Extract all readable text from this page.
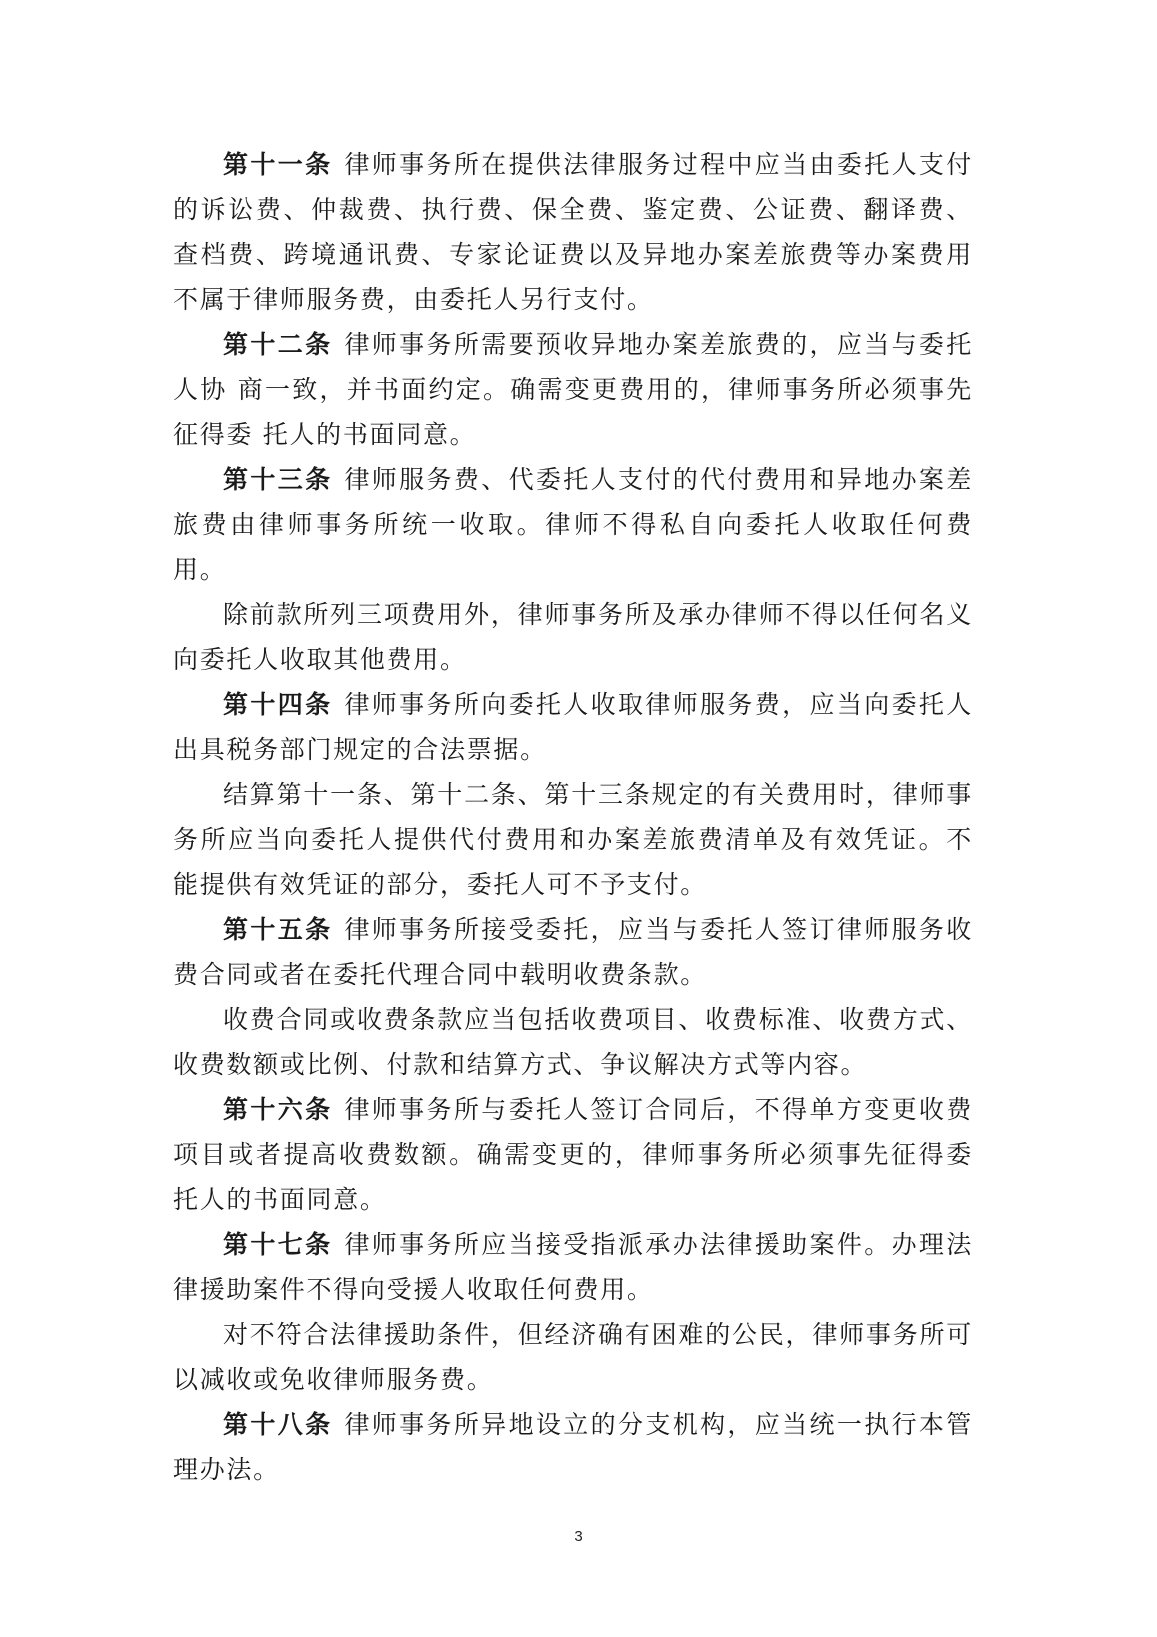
第十一条 律师事务所在提供法律服务过程中应当由委托人支付的诉讼费、仲裁费、执行费、保全费、鉴定费、公证费、翻译费、查档费、跨境通讯费、专家论证费以及异地办案差旅费等办案费用不属于律师服务费，由委托人另行支付。

第十二条 律师事务所需要预收异地办案差旅费的，应当与委托人协 商一致，并书面约定。确需变更费用的，律师事务所必须事先征得委 托人的书面同意。

第十三条 律师服务费、代委托人支付的代付费用和异地办案差旅费由律师事务所统一收取。律师不得私自向委托人收取任何费用。

除前款所列三项费用外，律师事务所及承办律师不得以任何名义向委托人收取其他费用。

第十四条 律师事务所向委托人收取律师服务费，应当向委托人出具税务部门规定的合法票据。

结算第十一条、第十二条、第十三条规定的有关费用时，律师事务所应当向委托人提供代付费用和办案差旅费清单及有效凭证。不能提供有效凭证的部分，委托人可不予支付。

第十五条 律师事务所接受委托，应当与委托人签订律师服务收费合同或者在委托代理合同中载明收费条款。

收费合同或收费条款应当包括收费项目、收费标准、收费方式、收费数额或比例、付款和结算方式、争议解决方式等内容。

第十六条 律师事务所与委托人签订合同后，不得单方变更收费项目或者提高收费数额。确需变更的，律师事务所必须事先征得委托人的书面同意。

第十七条 律师事务所应当接受指派承办法律援助案件。办理法律援助案件不得向受援人收取任何费用。

对不符合法律援助条件，但经济确有困难的公民，律师事务所可以减收或免收律师服务费。

第十八条 律师事务所异地设立的分支机构，应当统一执行本管理办法。

3
